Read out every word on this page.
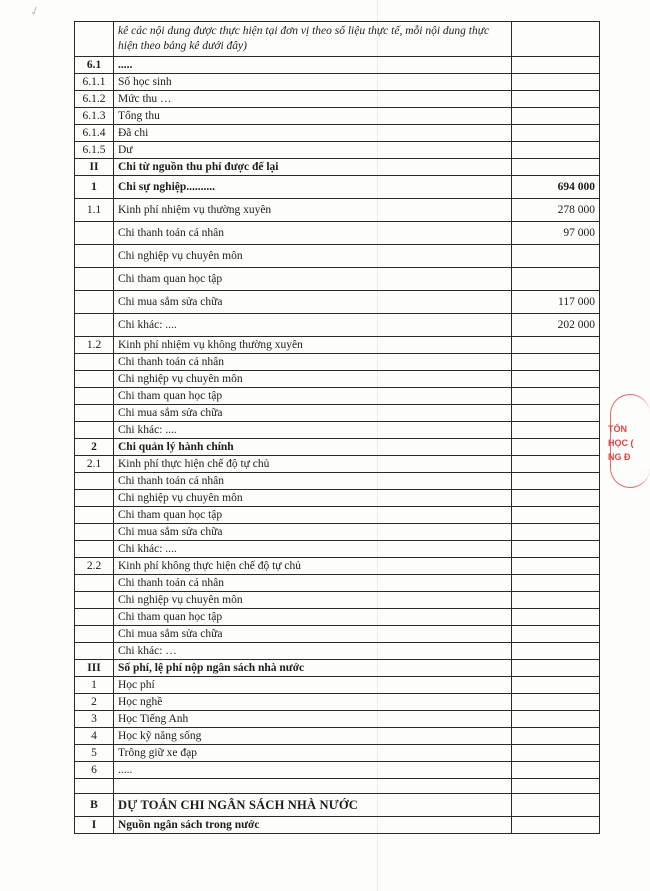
✓
	kê các nội dung được thực hiện tại đơn vị theo số liệu thực tế, mỗi nội dung thực hiện theo bảng kê dưới đây)	
6.1	.....	
6.1.1	Số học sinh	
6.1.2	Mức thu …	
6.1.3	Tổng thu	
6.1.4	Đã chi	
6.1.5	Dư	
II	Chi từ nguồn thu phí được để lại	
1	Chi sự nghiệp..........	694 000
1.1	Kinh phí nhiệm vụ thường xuyên	278 000
	Chi thanh toán cá nhân	97 000
	Chi nghiệp vụ chuyên môn	
	Chi tham quan học tập	
	Chi mua sắm sửa chữa	117 000
	Chi khác: ....	202 000
1.2	Kinh phí nhiệm vụ không thường xuyên	
	Chi thanh toán cá nhân	
	Chi nghiệp vụ chuyên môn	
	Chi tham quan học tập	
	Chi mua sắm sửa chữa	
	Chi khác: ....	
2	Chi quản lý hành chính	
2.1	Kinh phí thực hiện chế độ tự chủ	
	Chi thanh toán cá nhân	
	Chi nghiệp vụ chuyên môn	
	Chi tham quan học tập	
	Chi mua sắm sửa chữa	
	Chi khác: ....	
2.2	Kinh phí không thực hiện chế độ tự chủ	
	Chi thanh toán cá nhân	
	Chi nghiệp vụ chuyên môn	
	Chi tham quan học tập	
	Chi mua sắm sửa chữa	
	Chi khác: …	
III	Số phí, lệ phí nộp ngân sách nhà nước	
1	Học phí	
2	Học nghề	
3	Học Tiếng Anh	
4	Học kỹ năng sống	
5	Trông giữ xe đạp	
6	.....	

B	DỰ TOÁN CHI NGÂN SÁCH NHÀ NƯỚC	
I	Nguồn ngân sách trong nước	
TỔN
HỌC (
NG Đ
